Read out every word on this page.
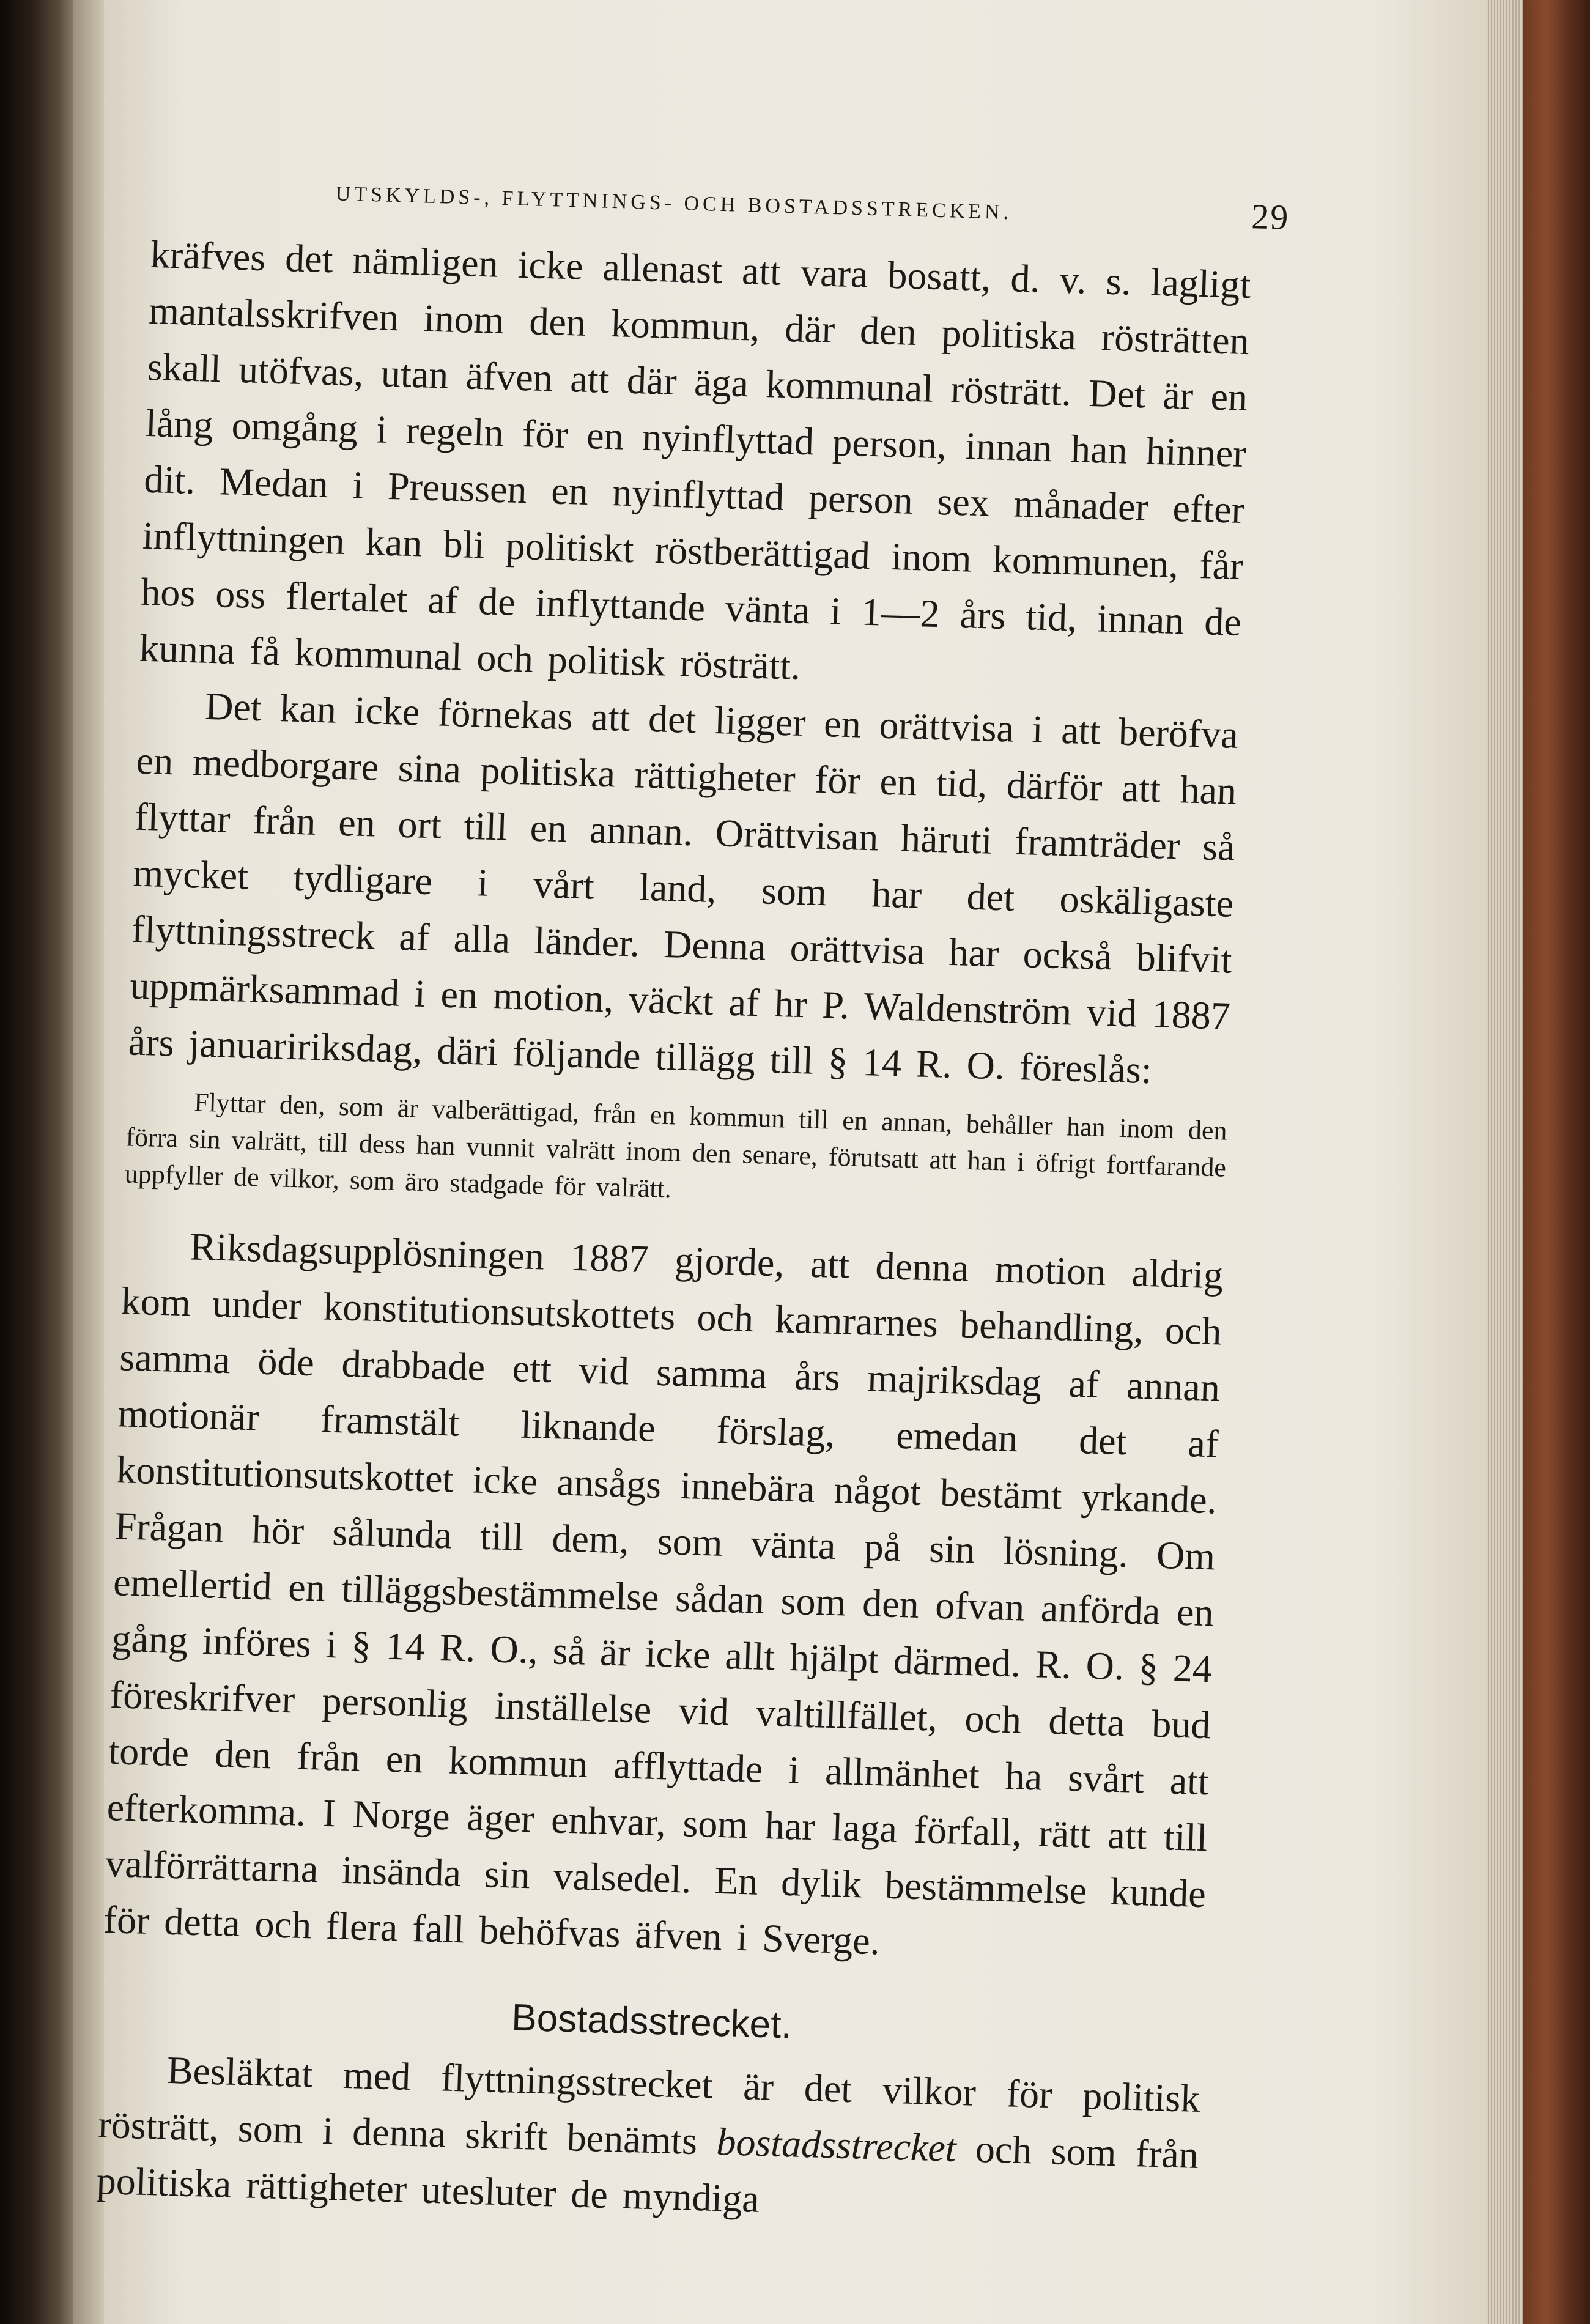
UTSKYLDS-, FLYTTNINGS- OCH BOSTADSSTRECKEN.	29

kräfves det nämligen icke allenast att vara bosatt, d. v. s. lagligt mantalsskrifven inom den kommun, där den politiska rösträtten skall utöfvas, utan äfven att där äga kommunal rösträtt. Det är en lång omgång i regeln för en nyinflyttad person, innan han hinner dit. Medan i Preussen en nyinflyttad person sex månader efter inflyttningen kan bli politiskt röstberättigad inom kommunen, får hos oss flertalet af de inflyttande vänta i 1—2 års tid, innan de kunna få kommunal och politisk rösträtt.

Det kan icke förnekas att det ligger en orättvisa i att beröfva en medborgare sina politiska rättigheter för en tid, därför att han flyttar från en ort till en annan. Orättvisan häruti framträder så mycket tydligare i vårt land, som har det oskäligaste flyttningsstreck af alla länder. Denna orättvisa har också blifvit uppmärksammad i en motion, väckt af hr P. Waldenström vid 1887 års januaririksdag, däri följande tillägg till § 14 R. O. föreslås:

Flyttar den, som är valberättigad, från en kommun till en annan, behåller han inom den förra sin valrätt, till dess han vunnit valrätt inom den senare, förutsatt att han i öfrigt fortfarande uppfyller de vilkor, som äro stadgade för valrätt.

Riksdagsupplösningen 1887 gjorde, att denna motion aldrig kom under konstitutionsutskottets och kamrarnes behandling, och samma öde drabbade ett vid samma års majriksdag af annan motionär framstält liknande förslag, emedan det af konstitutionsutskottet icke ansågs innebära något bestämt yrkande. Frågan hör sålunda till dem, som vänta på sin lösning. Om emellertid en tilläggsbestämmelse sådan som den ofvan anförda en gång införes i § 14 R. O., så är icke allt hjälpt därmed. R. O. § 24 föreskrifver personlig inställelse vid valtillfället, och detta bud torde den från en kommun afflyttade i allmänhet ha svårt att efterkomma. I Norge äger enhvar, som har laga förfall, rätt att till valförrättarna insända sin valsedel. En dylik bestämmelse kunde för detta och flera fall behöfvas äfven i Sverge.

Bostadsstrecket.

Besläktat med flyttningsstrecket är det vilkor för politisk rösträtt, som i denna skrift benämts bostadsstrecket och som från politiska rättigheter utesluter de myndiga
